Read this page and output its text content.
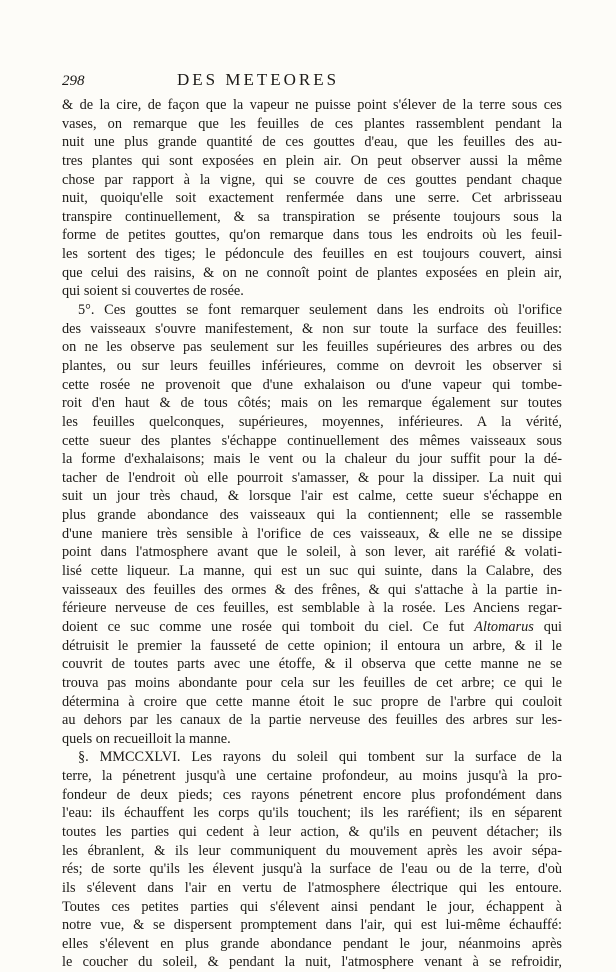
298	DES METEORES
& de la cire, de façon que la vapeur ne puisse point s'élever de la terre sous ces
vases, on remarque que les feuilles de ces plantes rassemblent pendant la
nuit une plus grande quantité de ces gouttes d'eau, que les feuilles des au-
tres plantes qui sont exposées en plein air. On peut observer aussi la même
chose par rapport à la vigne, qui se couvre de ces gouttes pendant chaque
nuit, quoiqu'elle soit exactement renfermée dans une serre. Cet arbrisseau
transpire continuellement, & sa transpiration se présente toujours sous la
forme de petites gouttes, qu'on remarque dans tous les endroits où les feuil-
les sortent des tiges; le pédoncule des feuilles en est toujours couvert, ainsi
que celui des raisins, & on ne connoît point de plantes exposées en plein air,
qui soient si couvertes de rosée.
5°. Ces gouttes se font remarquer seulement dans les endroits où l'orifice
des vaisseaux s'ouvre manifestement, & non sur toute la surface des feuilles:
on ne les observe pas seulement sur les feuilles supérieures des arbres ou des
plantes, ou sur leurs feuilles inférieures, comme on devroit les observer si
cette rosée ne provenoit que d'une exhalaison ou d'une vapeur qui tombe-
roit d'en haut & de tous côtés; mais on les remarque également sur toutes
les feuilles quelconques, supérieures, moyennes, inférieures. A la vérité,
cette sueur des plantes s'échappe continuellement des mêmes vaisseaux sous
la forme d'exhalaisons; mais le vent ou la chaleur du jour suffit pour la dé-
tacher de l'endroit où elle pourroit s'amasser, & pour la dissiper. La nuit qui
suit un jour très chaud, & lorsque l'air est calme, cette sueur s'échappe en
plus grande abondance des vaisseaux qui la contiennent; elle se rassemble
d'une maniere très sensible à l'orifice de ces vaisseaux, & elle ne se dissipe
point dans l'atmosphere avant que le soleil, à son lever, ait raréfié & volati-
lisé cette liqueur. La manne, qui est un suc qui suinte, dans la Calabre, des
vaisseaux des feuilles des ormes & des frênes, & qui s'attache à la partie in-
férieure nerveuse de ces feuilles, est semblable à la rosée. Les Anciens regar-
doient ce suc comme une rosée qui tomboit du ciel. Ce fut Altomarus qui
détruisit le premier la fausseté de cette opinion; il entoura un arbre, & il le
couvrit de toutes parts avec une étoffe, & il observa que cette manne ne se
trouva pas moins abondante pour cela sur les feuilles de cet arbre; ce qui le
détermina à croire que cette manne étoit le suc propre de l'arbre qui couloit
au dehors par les canaux de la partie nerveuse des feuilles des arbres sur les-
quels on recueilloit la manne.
§. MMCCXLVI. Les rayons du soleil qui tombent sur la surface de la
terre, la pénetrent jusqu'à une certaine profondeur, au moins jusqu'à la pro-
fondeur de deux pieds; ces rayons pénetrent encore plus profondément dans
l'eau: ils échauffent les corps qu'ils touchent; ils les raréfient; ils en séparent
toutes les parties qui cedent à leur action, & qu'ils en peuvent détacher; ils
les ébranlent, & ils leur communiquent du mouvement après les avoir sépa-
rés; de sorte qu'ils les élevent jusqu'à la surface de l'eau ou de la terre, d'où
ils s'élevent dans l'air en vertu de l'atmosphere électrique qui les entoure.
Toutes ces petites parties qui s'élevent ainsi pendant le jour, échappent à
notre vue, & se dispersent promptement dans l'air, qui est lui-même échauffé:
elles s'élevent en plus grande abondance pendant le jour, néanmoins après
le coucher du soleil, & pendant la nuit, l'atmosphere venant à se refroidir,
